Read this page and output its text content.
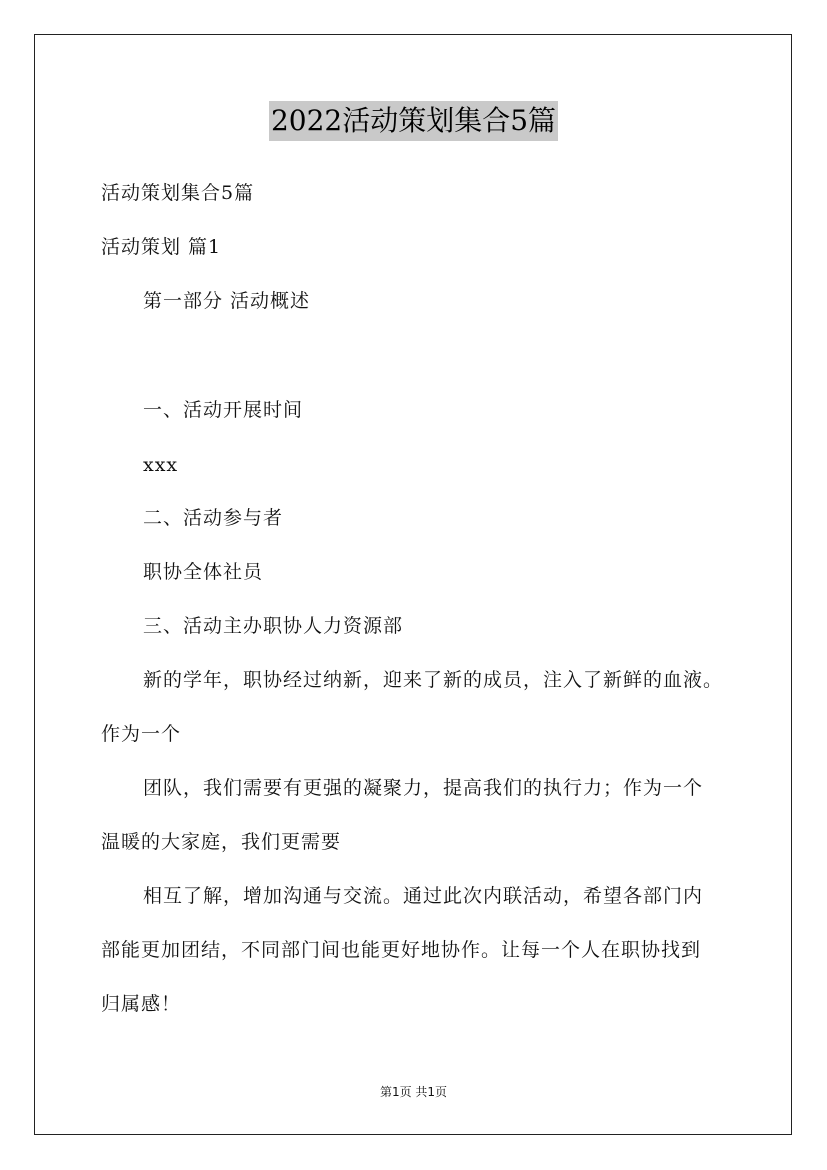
2022活动策划集合5篇
活动策划集合5篇
活动策划 篇1
第一部分 活动概述
一、活动开展时间
xxx
二、活动参与者
职协全体社员
三、活动主办职协人力资源部
新的学年，职协经过纳新，迎来了新的成员，注入了新鲜的血液。
作为一个
团队，我们需要有更强的凝聚力，提高我们的执行力；作为一个
温暖的大家庭，我们更需要
相互了解，增加沟通与交流。通过此次内联活动，希望各部门内
部能更加团结，不同部门间也能更好地协作。让每一个人在职协找到
归属感！
第1页 共1页
